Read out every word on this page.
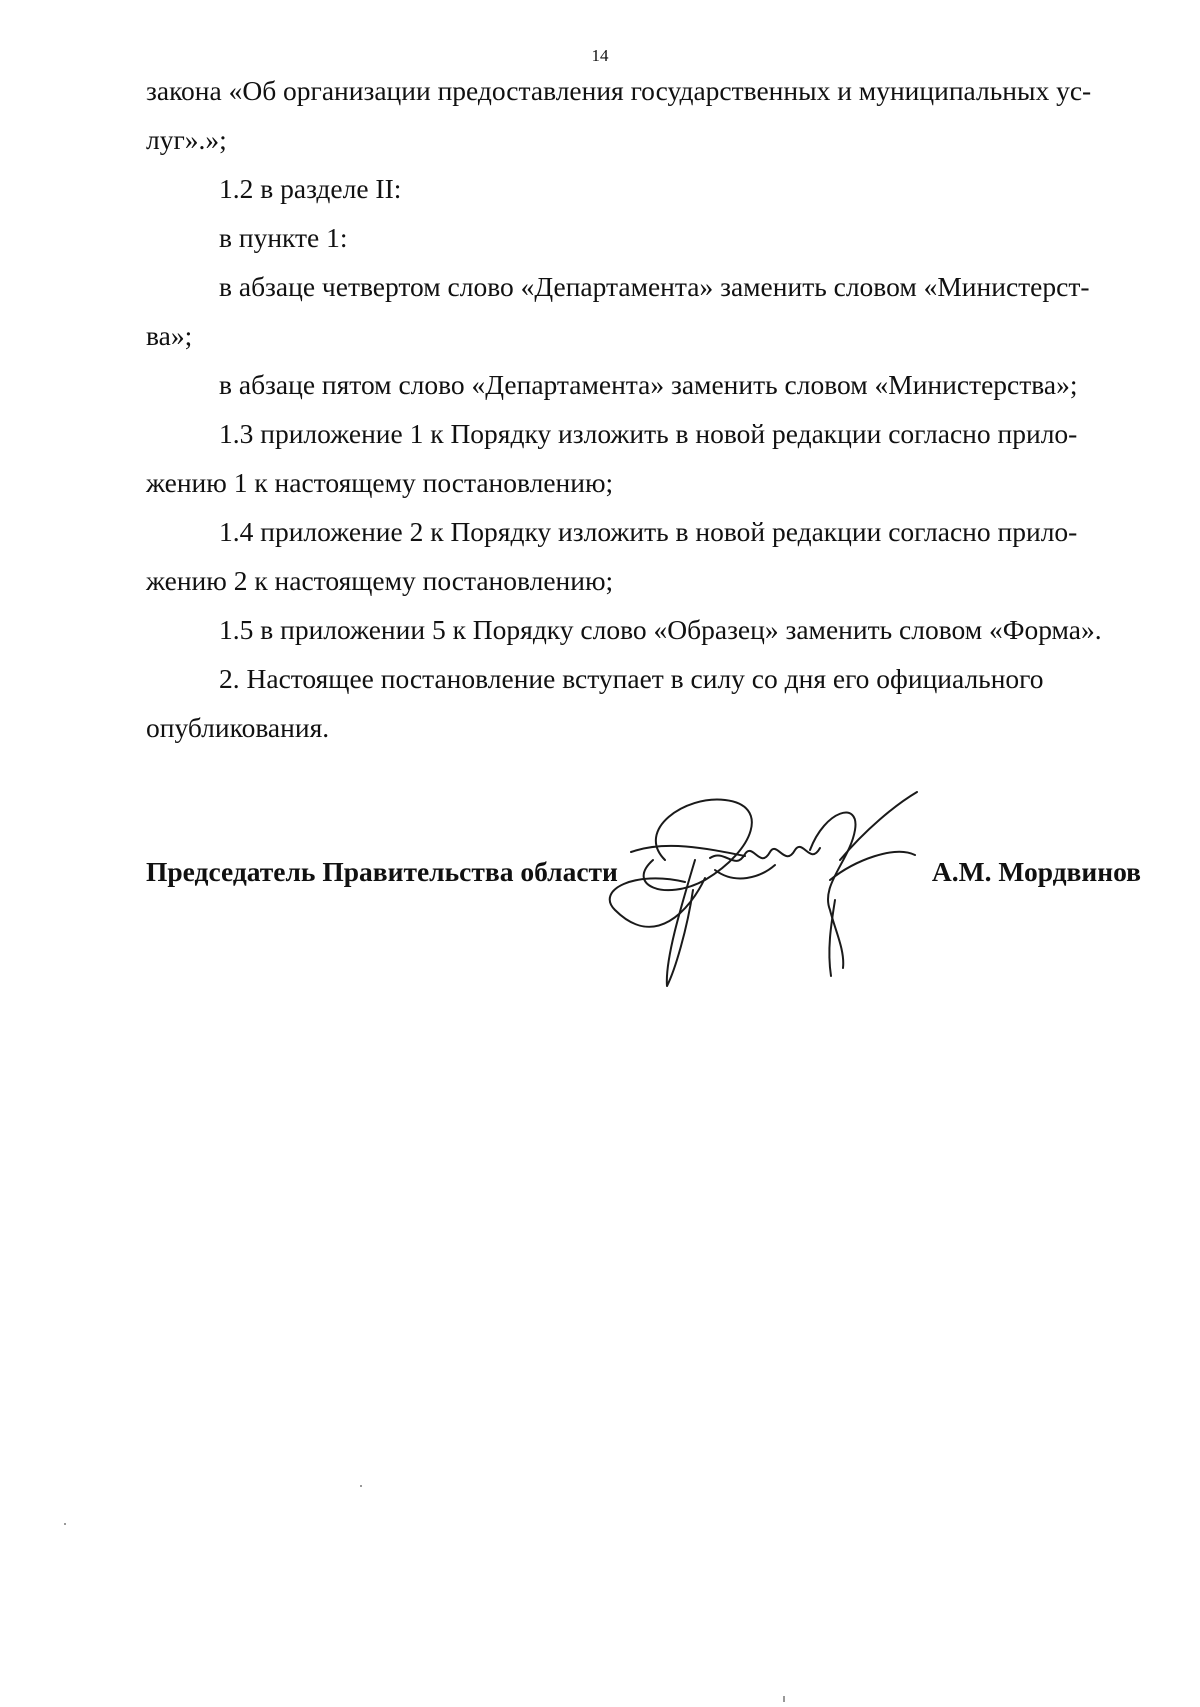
14

закона «Об организации предоставления государственных и муниципальных ус-

луг».»;

1.2 в разделе II:

в пункте 1:

в абзаце четвертом слово «Департамента» заменить словом «Министерст-

ва»;

в абзаце пятом слово «Департамента» заменить словом «Министерства»;

1.3 приложение 1 к Порядку изложить в новой редакции согласно прило-

жению 1 к настоящему постановлению;

1.4 приложение 2 к Порядку изложить в новой редакции согласно прило-

жению 2 к настоящему постановлению;

1.5 в приложении 5 к Порядку слово «Образец» заменить словом «Форма».

2. Настоящее постановление вступает в силу со дня его официального

опубликования.

Председатель Правительства области	А.М. Мордвинов
